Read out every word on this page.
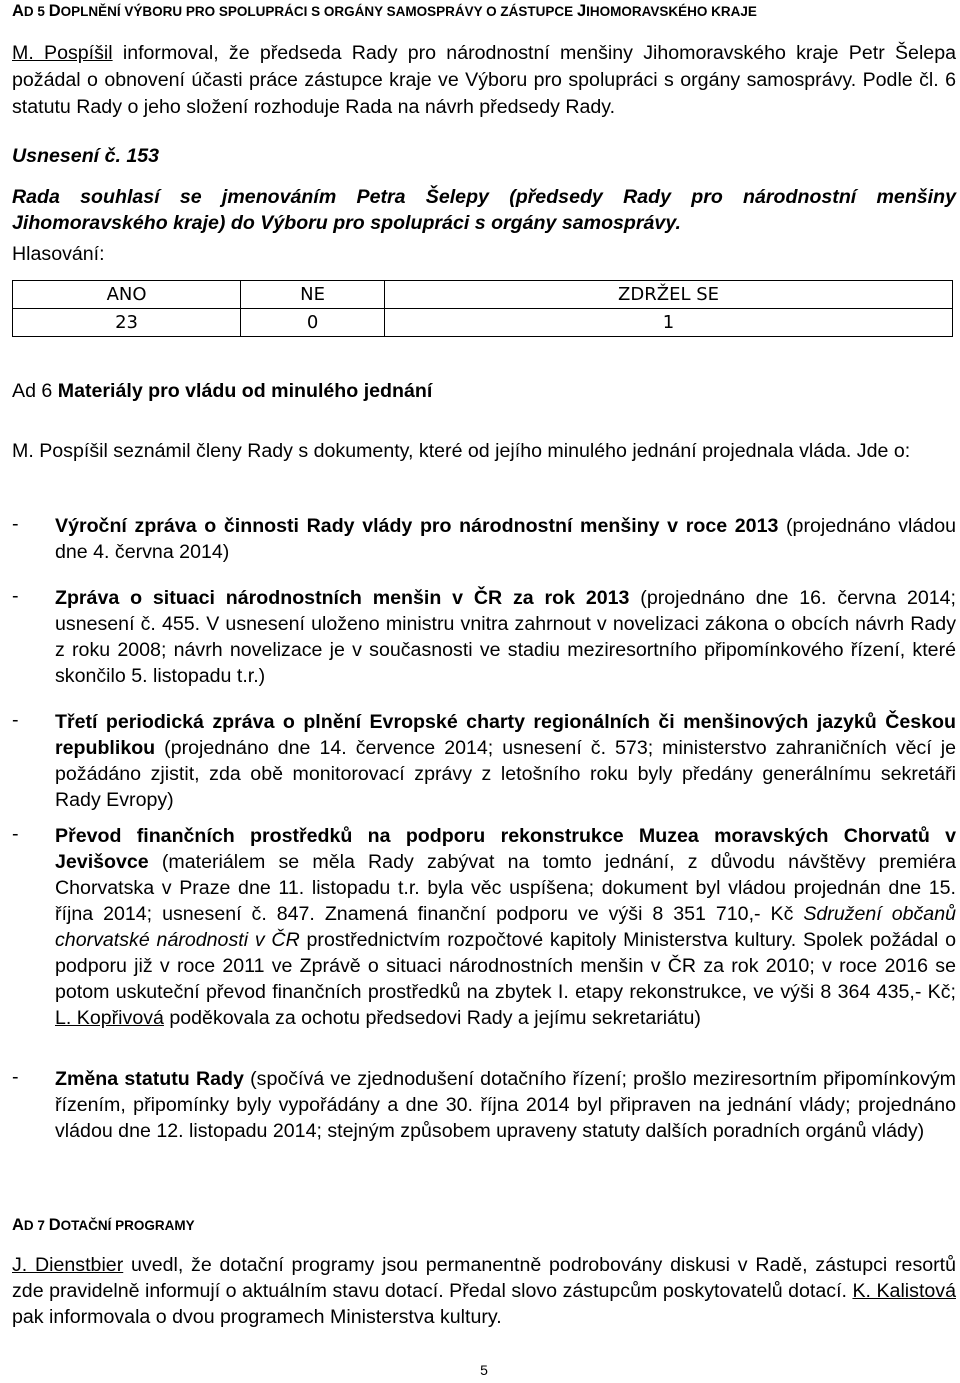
AD 5 DOPLNĚNÍ VÝBORU PRO SPOLUPRÁCI S ORGÁNY SAMOSPRÁVY O ZÁSTUPCE JIHOMORAVSKÉHO KRAJE

M. Pospíšil informoval, že předseda Rady pro národnostní menšiny Jihomoravského kraje Petr Šelepa požádal o obnovení účasti práce zástupce kraje ve Výboru pro spolupráci s orgány samosprávy. Podle čl. 6 statutu Rady o jeho složení rozhoduje Rada na návrh předsedy Rady.

Usnesení č. 153

Rada souhlasí se jmenováním Petra Šelepy (předsedy Rady pro národnostní menšiny Jihomoravského kraje) do Výboru pro spolupráci s orgány samosprávy.

Hlasování:
ANO	NE	ZDRŽEL SE
23	0	1
Ad 6 Materiály pro vládu od minulého jednání

M. Pospíšil seznámil členy Rady s dokumenty, které od jejího minulého jednání projednala vláda. Jde o:

- Výroční zpráva o činnosti Rady vlády pro národnostní menšiny v roce 2013 (projednáno vládou dne 4. června 2014)

- Zpráva o situaci národnostních menšin v ČR za rok 2013 (projednáno dne 16. června 2014; usnesení č. 455. V usnesení uloženo ministru vnitra zahrnout v novelizaci zákona o obcích návrh Rady z roku 2008; návrh novelizace je v současnosti ve stadiu meziresortního připomínkového řízení, které skončilo 5. listopadu t.r.)

- Třetí periodická zpráva o plnění Evropské charty regionálních či menšinových jazyků Českou republikou (projednáno dne 14. července 2014; usnesení č. 573; ministerstvo zahraničních věcí je požádáno zjistit, zda obě monitorovací zprávy z letošního roku byly předány generálnímu sekretáři Rady Evropy)

- Převod finančních prostředků na podporu rekonstrukce Muzea moravských Chorvatů v Jevišovce (materiálem se měla Rady zabývat na tomto jednání, z důvodu návštěvy premiéra Chorvatska v Praze dne 11. listopadu t.r. byla věc uspíšena; dokument byl vládou projednán dne 15. října 2014; usnesení č. 847. Znamená finanční podporu ve výši 8 351 710,- Kč Sdružení občanů chorvatské národnosti v ČR prostřednictvím rozpočtové kapitoly Ministerstva kultury. Spolek požádal o podporu již v roce 2011 ve Zprávě o situaci národnostních menšin v ČR za rok 2010; v roce 2016 se potom uskuteční převod finančních prostředků na zbytek I. etapy rekonstrukce, ve výši 8 364 435,- Kč; L. Kopřivová poděkovala za ochotu předsedovi Rady a jejímu sekretariátu)

- Změna statutu Rady (spočívá ve zjednodušení dotačního řízení; prošlo meziresortním připomínkovým řízením, připomínky byly vypořádány a dne 30. října 2014 byl připraven na jednání vlády; projednáno vládou dne 12. listopadu 2014; stejným způsobem upraveny statuty dalších poradních orgánů vlády)

AD 7 DOTAČNÍ PROGRAMY

J. Dienstbier uvedl, že dotační programy jsou permanentně podrobovány diskusi v Radě, zástupci resortů zde pravidelně informují o aktuálním stavu dotací. Předal slovo zástupcům poskytovatelů dotací. K. Kalistová pak informovala o dvou programech Ministerstva kultury.

5
